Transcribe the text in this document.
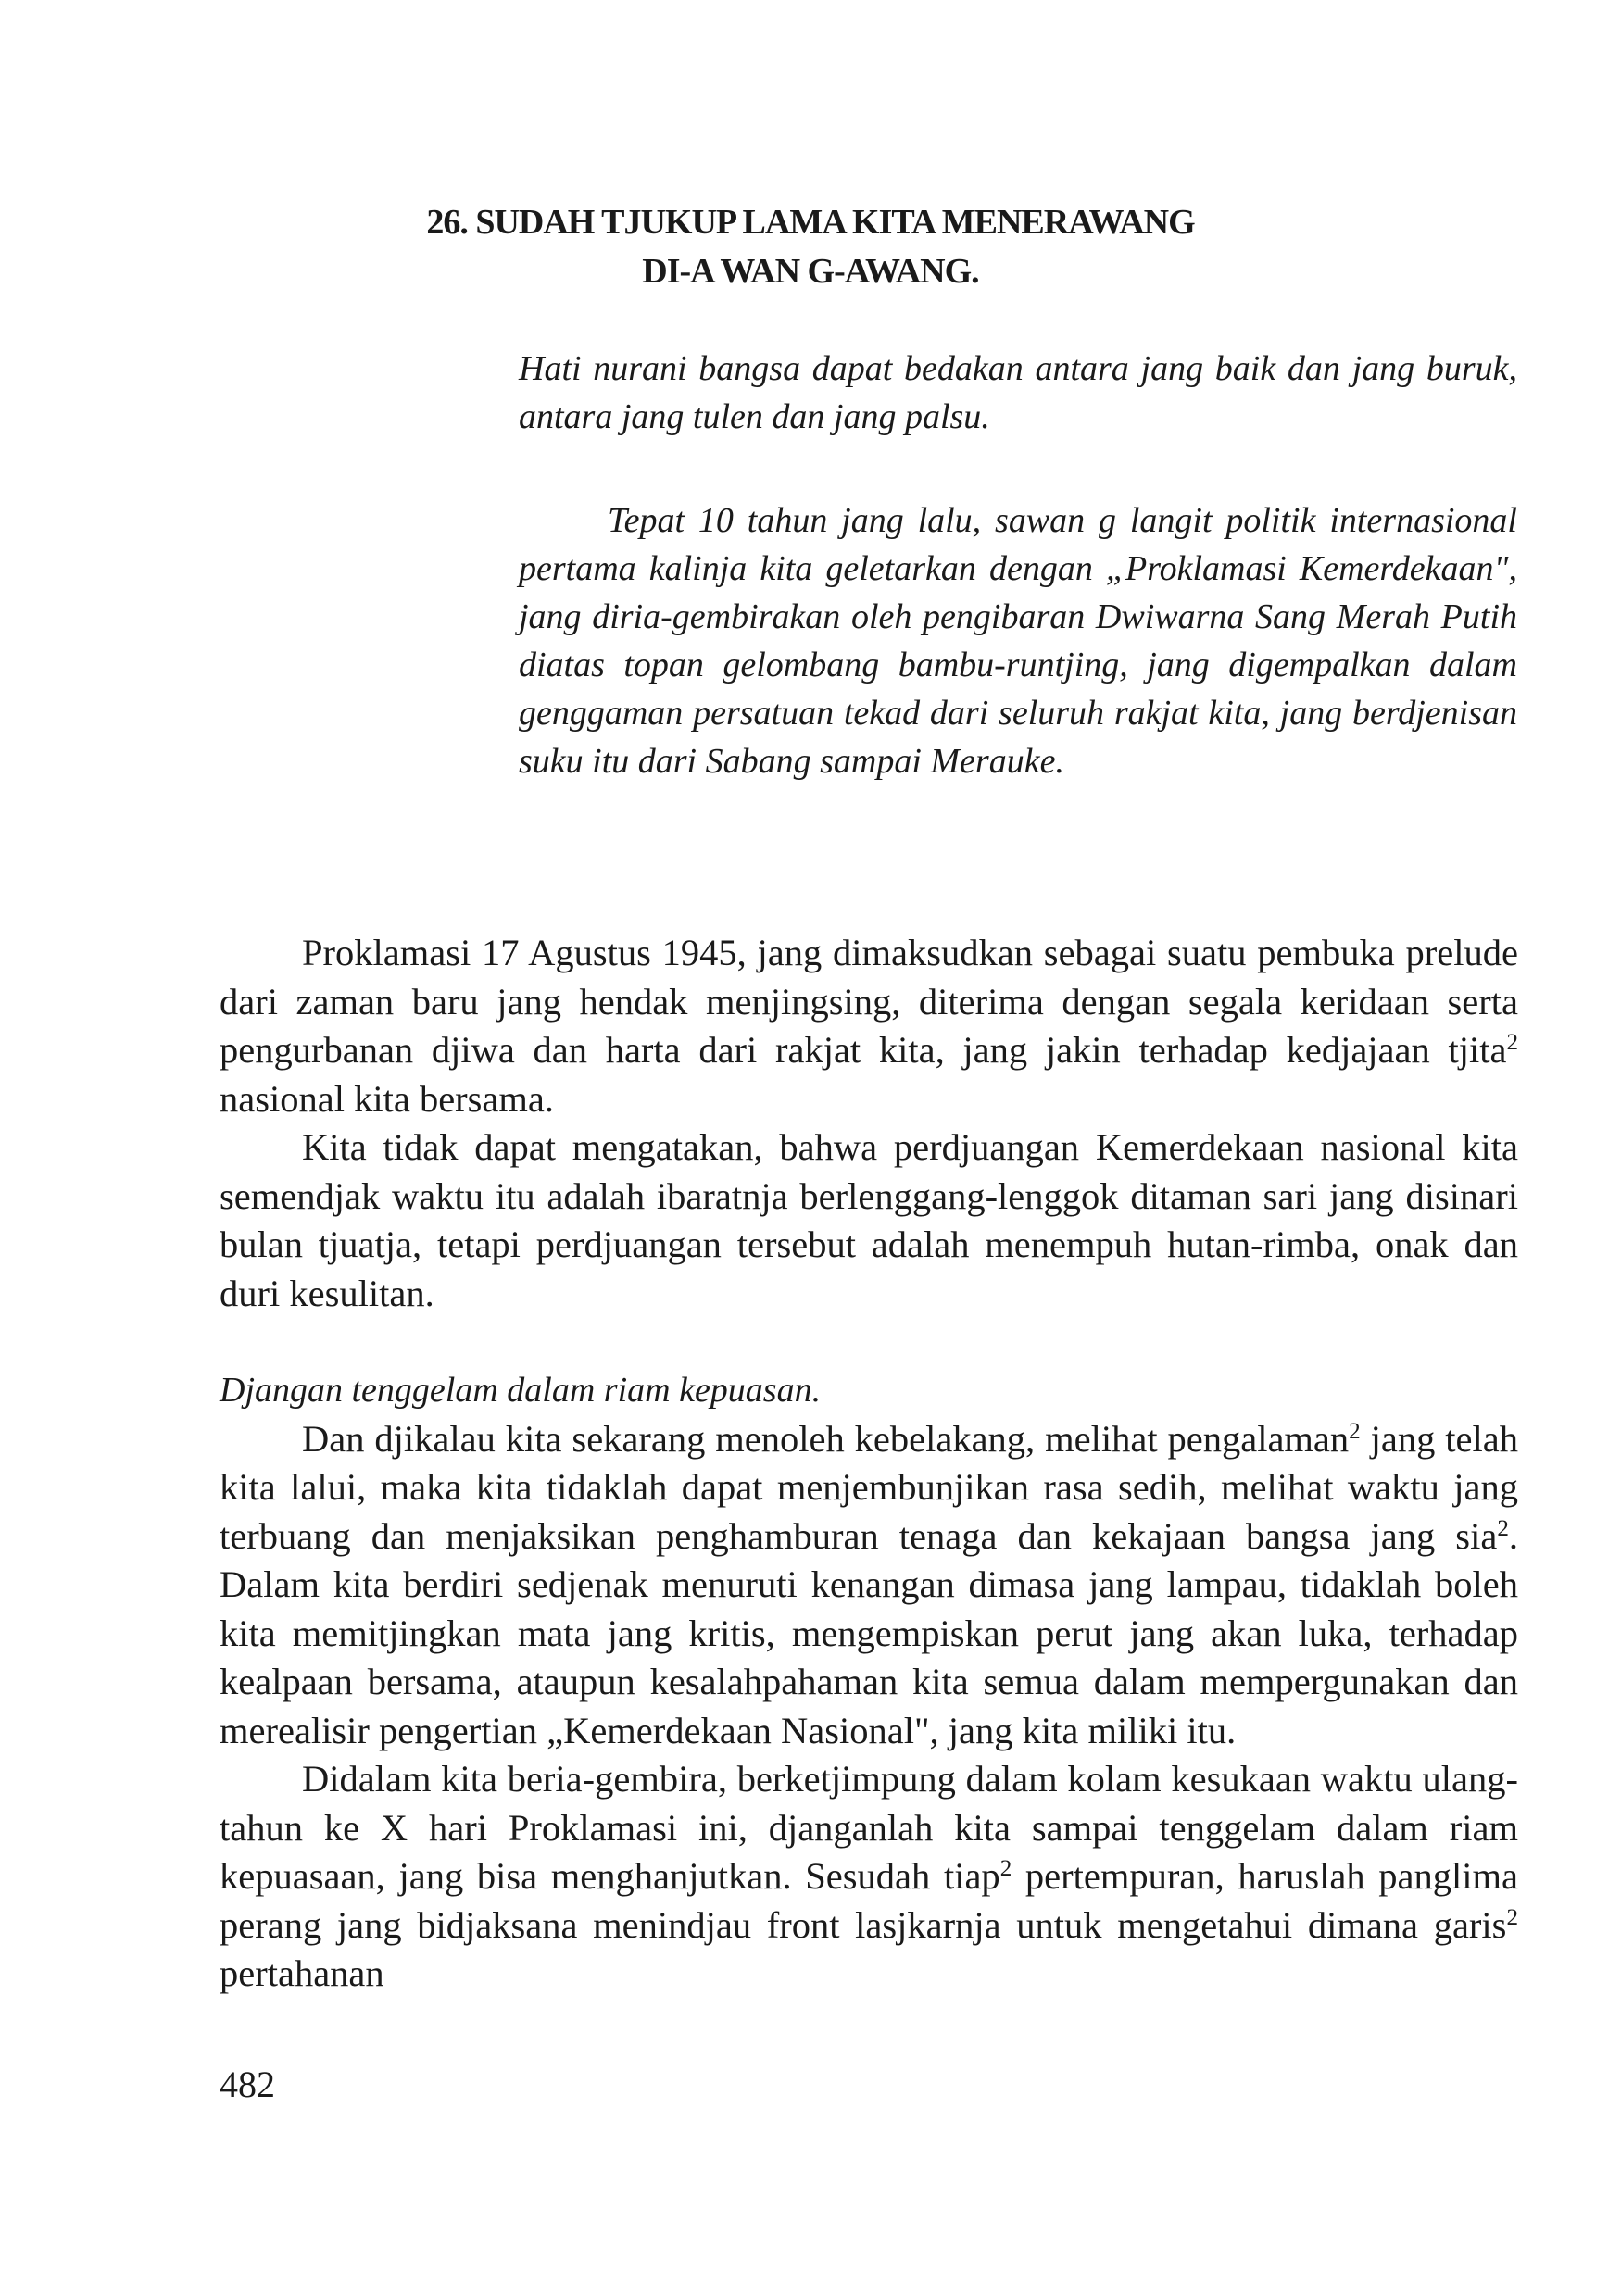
26. SUDAH TJUKUP LAMA KITA MENERAWANG
DI-A WAN G-AWANG.
Hati nurani bangsa dapat bedakan antara jang baik dan jang buruk, antara jang tulen dan jang palsu.
Tepat 10 tahun jang lalu, sawan g langit politik internasional pertama kalinja kita geletarkan dengan „Proklamasi Kemerdekaan", jang diria-gembirakan oleh pengibaran Dwiwarna Sang Merah Putih diatas topan gelombang bambu-runtjing, jang digempalkan dalam genggaman persatuan tekad dari seluruh rakjat kita, jang berdjenisan suku itu dari Sabang sampai Merauke.

Proklamasi 17 Agustus 1945, jang dimaksudkan sebagai suatu pembuka prelude dari zaman baru jang hendak menjingsing, diterima dengan segala keridaan serta pengurbanan djiwa dan harta dari rakjat kita, jang jakin terhadap kedjajaan tjita$^2$ nasional kita bersama.

Kita tidak dapat mengatakan, bahwa perdjuangan Kemerdekaan nasional kita semendjak waktu itu adalah ibaratnja berlenggang-lenggok ditaman sari jang disinari bulan tjuatja, tetapi perdjuangan tersebut adalah menempuh hutan-rimba, onak dan duri kesulitan.

Djangan tenggelam dalam riam kepuasan.

Dan djikalau kita sekarang menoleh kebelakang, melihat pengalaman$^2$ jang telah kita lalui, maka kita tidaklah dapat menjembunjikan rasa sedih, melihat waktu jang terbuang dan menjaksikan penghamburan tenaga dan kekajaan bangsa jang sia$^2$. Dalam kita berdiri sedjenak menuruti kenangan dimasa jang lampau, tidaklah boleh kita memitjingkan mata jang kritis, mengempiskan perut jang akan luka, terhadap kealpaan bersama, ataupun kesalahpahaman kita semua dalam mempergunakan dan merealisir pengertian „Kemerdekaan Nasional", jang kita miliki itu.

Didalam kita beria-gembira, berketjimpung dalam kolam kesukaan waktu ulang-tahun ke X hari Proklamasi ini, djanganlah kita sampai tenggelam dalam riam kepuasaan, jang bisa menghanjutkan. Sesudah tiap$^2$ pertempuran, haruslah panglima perang jang bidjaksana menindjau front lasjkarnja untuk mengetahui dimana garis$^2$ pertahanan

482
